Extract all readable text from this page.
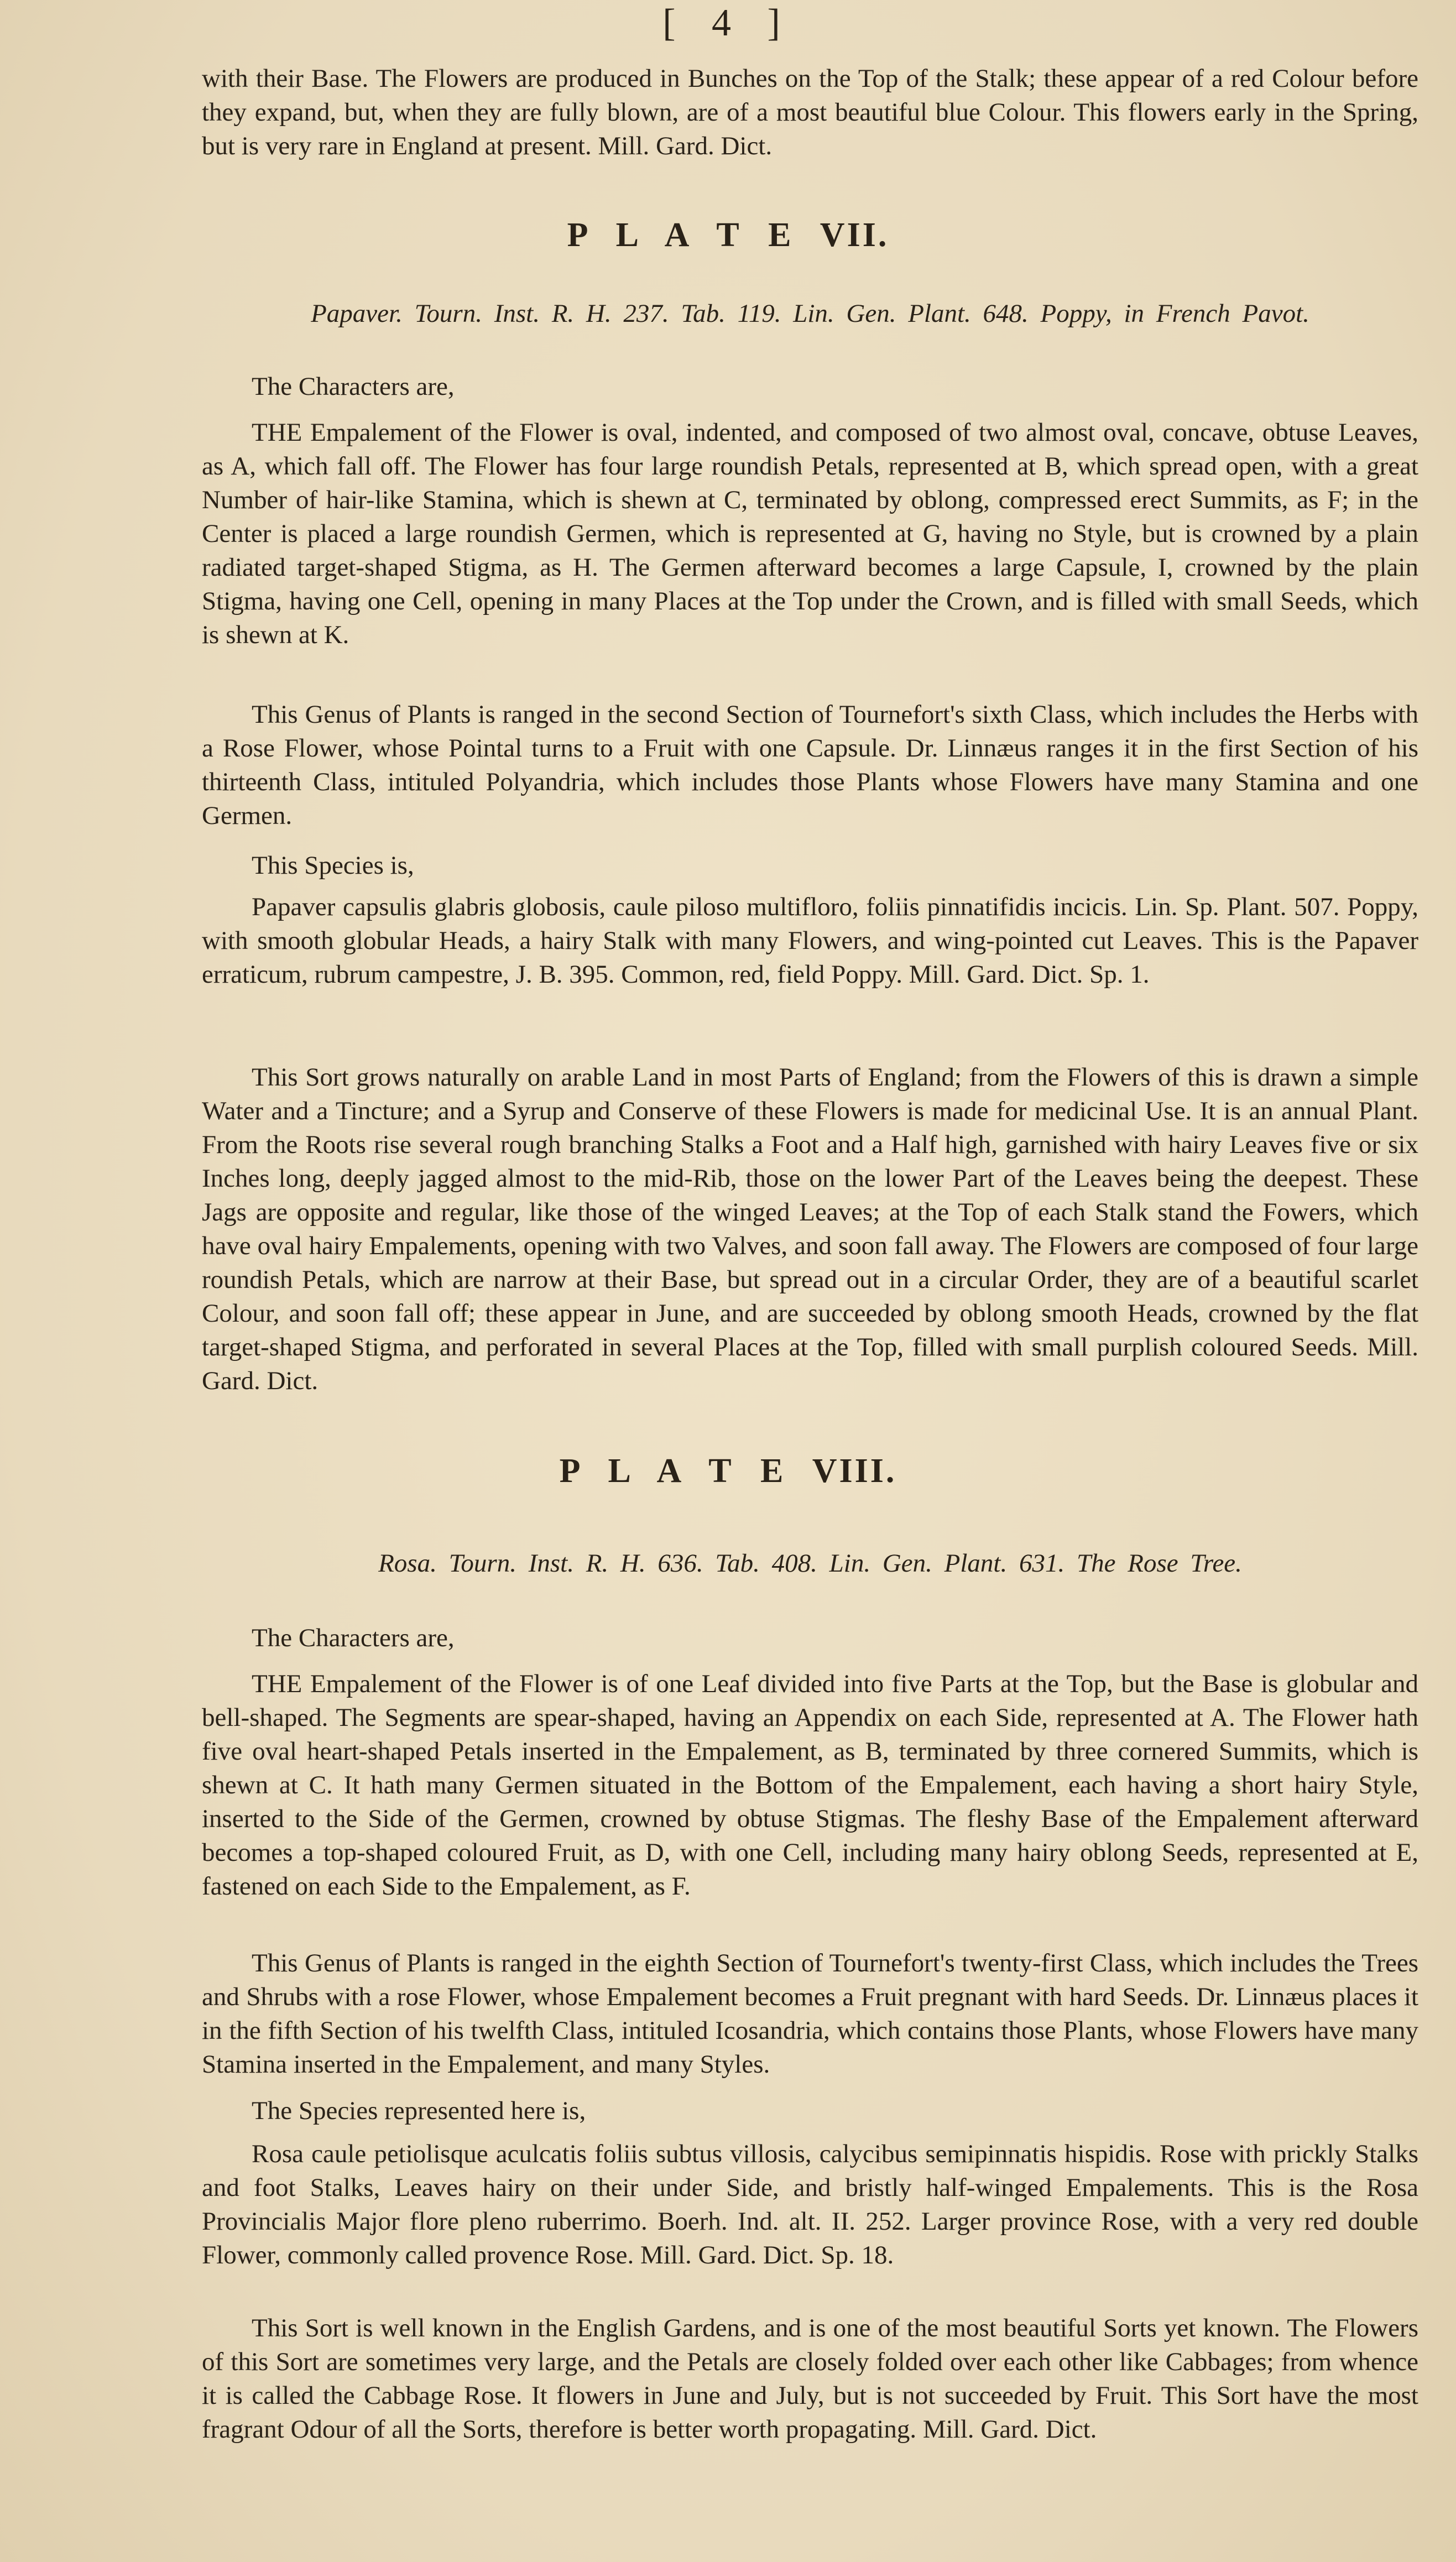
[ 4 ]

with their Base. The Flowers are produced in Bunches on the Top of the Stalk; these appear of a red Colour before they expand, but, when they are fully blown, are of a most beautiful blue Colour. This flowers early in the Spring, but is very rare in England at present. Mill. Gard. Dict.

P L A T E VII.
Papaver. Tourn. Inst. R. H. 237. Tab. 119. Lin. Gen. Plant. 648. Poppy, in French Pavot.
The Characters are,

THE Empalement of the Flower is oval, indented, and composed of two almost oval, concave, obtuse Leaves, as A, which fall off. The Flower has four large roundish Petals, represented at B, which spread open, with a great Number of hair-like Stamina, which is shewn at C, terminated by oblong, compressed erect Summits, as F; in the Center is placed a large roundish Germen, which is represented at G, having no Style, but is crowned by a plain radiated target-shaped Stigma, as H. The Germen afterward becomes a large Capsule, I, crowned by the plain Stigma, having one Cell, opening in many Places at the Top under the Crown, and is filled with small Seeds, which is shewn at K.

This Genus of Plants is ranged in the second Section of Tournefort's sixth Class, which includes the Herbs with a Rose Flower, whose Pointal turns to a Fruit with one Capsule. Dr. Linnæus ranges it in the first Section of his thirteenth Class, intituled Polyandria, which includes those Plants whose Flowers have many Stamina and one Germen.

This Species is,

Papaver capsulis glabris globosis, caule piloso multifloro, foliis pinnatifidis incicis. Lin. Sp. Plant. 507. Poppy, with smooth globular Heads, a hairy Stalk with many Flowers, and wing-pointed cut Leaves. This is the Papaver erraticum, rubrum campestre, J. B. 395. Common, red, field Poppy. Mill. Gard. Dict. Sp. 1.

This Sort grows naturally on arable Land in most Parts of England; from the Flowers of this is drawn a simple Water and a Tincture; and a Syrup and Conserve of these Flowers is made for medicinal Use. It is an annual Plant. From the Roots rise several rough branching Stalks a Foot and a Half high, garnished with hairy Leaves five or six Inches long, deeply jagged almost to the mid-Rib, those on the lower Part of the Leaves being the deepest. These Jags are opposite and regular, like those of the winged Leaves; at the Top of each Stalk stand the Fowers, which have oval hairy Empalements, opening with two Valves, and soon fall away. The Flowers are composed of four large roundish Petals, which are narrow at their Base, but spread out in a circular Order, they are of a beautiful scarlet Colour, and soon fall off; these appear in June, and are succeeded by oblong smooth Heads, crowned by the flat target-shaped Stigma, and perforated in several Places at the Top, filled with small purplish coloured Seeds. Mill. Gard. Dict.

P L A T E VIII.
Rosa. Tourn. Inst. R. H. 636. Tab. 408. Lin. Gen. Plant. 631. The Rose Tree.
The Characters are,

THE Empalement of the Flower is of one Leaf divided into five Parts at the Top, but the Base is globular and bell-shaped. The Segments are spear-shaped, having an Appendix on each Side, represented at A. The Flower hath five oval heart-shaped Petals inserted in the Empalement, as B, terminated by three cornered Summits, which is shewn at C. It hath many Germen situated in the Bottom of the Empalement, each having a short hairy Style, inserted to the Side of the Germen, crowned by obtuse Stigmas. The fleshy Base of the Empalement afterward becomes a top-shaped coloured Fruit, as D, with one Cell, including many hairy oblong Seeds, represented at E, fastened on each Side to the Empalement, as F.

This Genus of Plants is ranged in the eighth Section of Tournefort's twenty-first Class, which includes the Trees and Shrubs with a rose Flower, whose Empalement becomes a Fruit pregnant with hard Seeds. Dr. Linnæus places it in the fifth Section of his twelfth Class, intituled Icosandria, which contains those Plants, whose Flowers have many Stamina inserted in the Empalement, and many Styles.

The Species represented here is,

Rosa caule petiolisque aculcatis foliis subtus villosis, calycibus semipinnatis hispidis. Rose with prickly Stalks and foot Stalks, Leaves hairy on their under Side, and bristly half-winged Empalements. This is the Rosa Provincialis Major flore pleno ruberrimo. Boerh. Ind. alt. II. 252. Larger province Rose, with a very red double Flower, commonly called provence Rose. Mill. Gard. Dict. Sp. 18.

This Sort is well known in the English Gardens, and is one of the most beautiful Sorts yet known. The Flowers of this Sort are sometimes very large, and the Petals are closely folded over each other like Cabbages; from whence it is called the Cabbage Rose. It flowers in June and July, but is not succeeded by Fruit. This Sort have the most fragrant Odour of all the Sorts, therefore is better worth propagating. Mill. Gard. Dict.
